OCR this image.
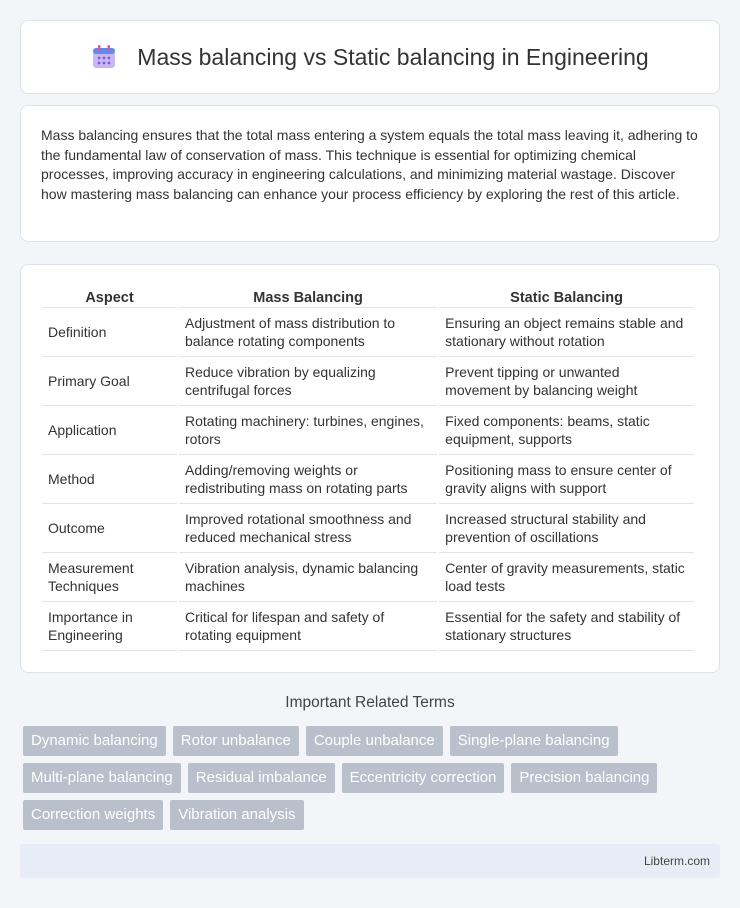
Mass balancing vs Static balancing in Engineering

Mass balancing ensures that the total mass entering a system equals the total mass leaving it, adhering to the fundamental law of conservation of mass. This technique is essential for optimizing chemical processes, improving accuracy in engineering calculations, and minimizing material wastage. Discover how mastering mass balancing can enhance your process efficiency by exploring the rest of this article.

Aspect	Mass Balancing	Static Balancing
Definition	Adjustment of mass distribution to balance rotating components	Ensuring an object remains stable and stationary without rotation
Primary Goal	Reduce vibration by equalizing centrifugal forces	Prevent tipping or unwanted movement by balancing weight
Application	Rotating machinery: turbines, engines, rotors	Fixed components: beams, static equipment, supports
Method	Adding/removing weights or redistributing mass on rotating parts	Positioning mass to ensure center of gravity aligns with support
Outcome	Improved rotational smoothness and reduced mechanical stress	Increased structural stability and prevention of oscillations
Measurement Techniques	Vibration analysis, dynamic balancing machines	Center of gravity measurements, static load tests
Importance in Engineering	Critical for lifespan and safety of rotating equipment	Essential for the safety and stability of stationary structures
Important Related Terms
Dynamic balancing	Rotor unbalance	Couple unbalance	Single-plane balancing
Multi-plane balancing	Residual imbalance	Eccentricity correction	Precision balancing
Correction weights	Vibration analysis
Libterm.com
